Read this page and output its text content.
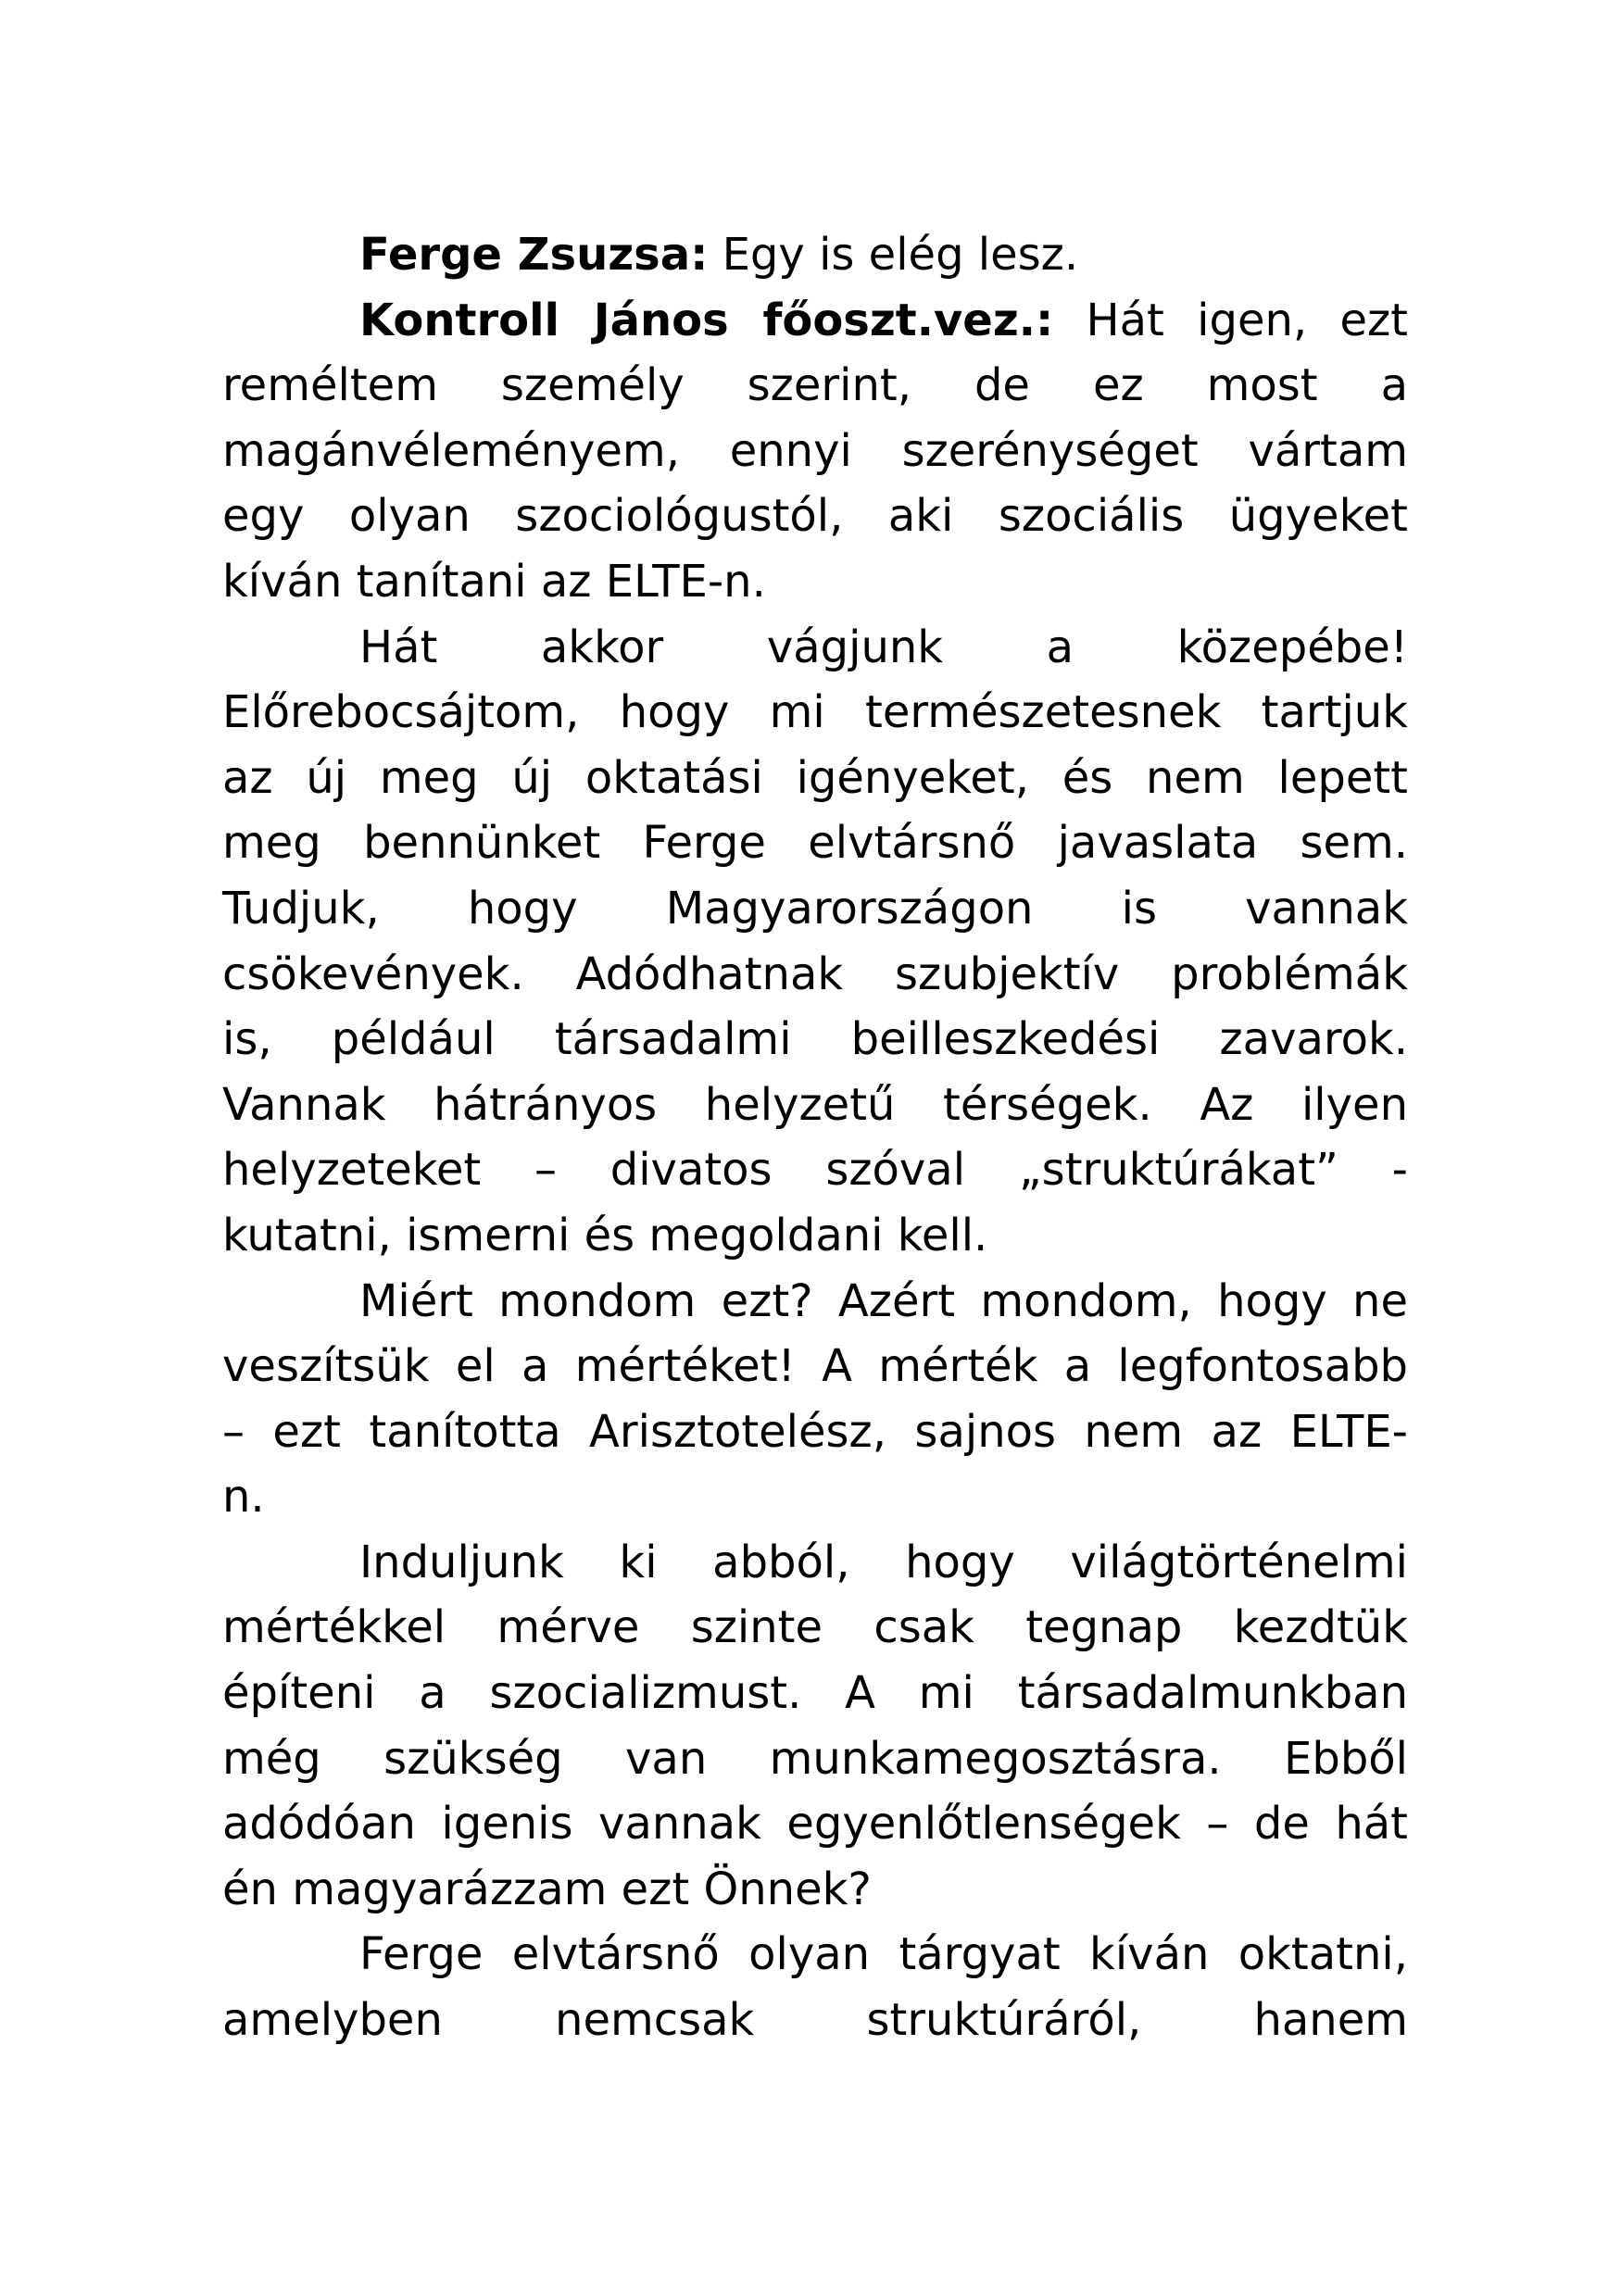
Ferge Zsuzsa: Egy is elég lesz.
Kontroll János főoszt.vez.: Hát igen, ezt
reméltem személy szerint, de ez most a
magánvéleményem, ennyi szerénységet vártam
egy olyan szociológustól, aki szociális ügyeket
kíván tanítani az ELTE-n.
Hát akkor vágjunk a közepébe!
Előrebocsájtom, hogy mi természetesnek tartjuk
az új meg új oktatási igényeket, és nem lepett
meg bennünket Ferge elvtársnő javaslata sem.
Tudjuk, hogy Magyarországon is vannak
csökevények. Adódhatnak szubjektív problémák
is, például társadalmi beilleszkedési zavarok.
Vannak hátrányos helyzetű térségek. Az ilyen
helyzeteket – divatos szóval „struktúrákat” -
kutatni, ismerni és megoldani kell.
Miért mondom ezt? Azért mondom, hogy ne
veszítsük el a mértéket! A mérték a legfontosabb
– ezt tanította Arisztotelész, sajnos nem az ELTE-
n.
Induljunk ki abból, hogy világtörténelmi
mértékkel mérve szinte csak tegnap kezdtük
építeni a szocializmust. A mi társadalmunkban
még szükség van munkamegosztásra. Ebből
adódóan igenis vannak egyenlőtlenségek – de hát
én magyarázzam ezt Önnek?
Ferge elvtársnő olyan tárgyat kíván oktatni,
amelyben nemcsak struktúráról, hanem
